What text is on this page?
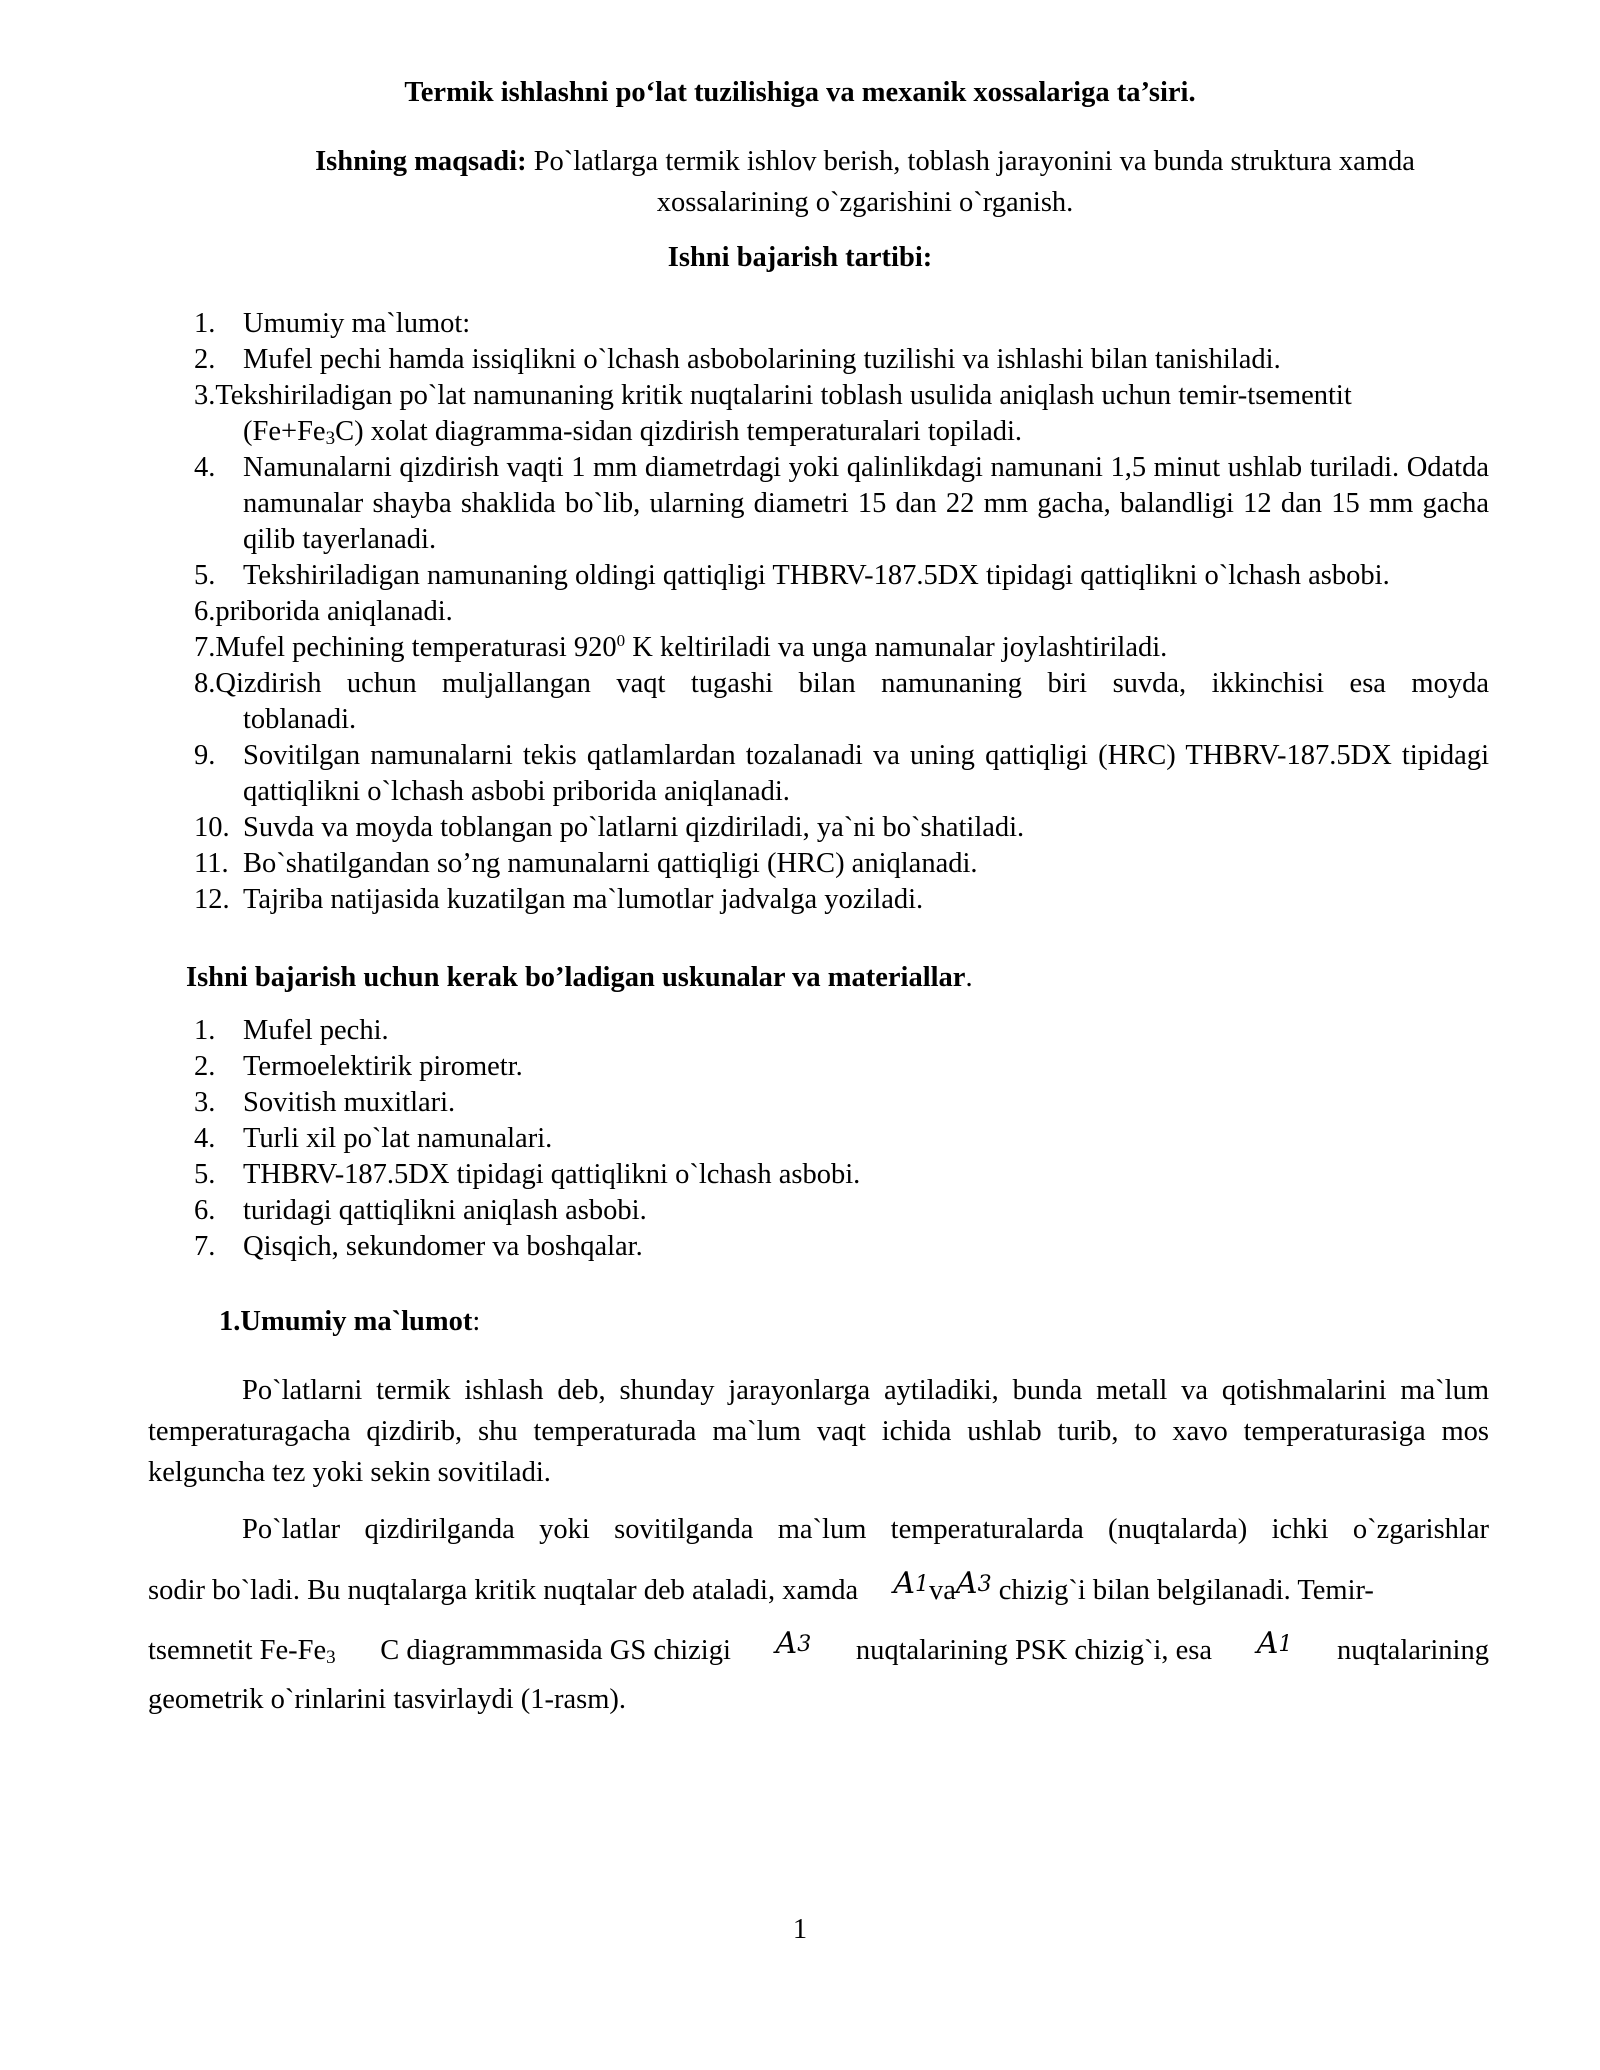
Termik ishlashni po‘lat tuzilishiga va mexanik xossalariga ta’siri.
Ishning maqsadi: Po`latlarga termik ishlov berish, toblash jarayonini va bunda struktura xamda xossalarining o`zgarishini o`rganish.
Ishni bajarish tartibi:
1. Umumiy ma`lumot:
2. Mufel pechi hamda issiqlikni o`lchash asbobolarining tuzilishi va ishlashi bilan tanishiladi.
3.Tekshiriladigan po`lat namunaning kritik nuqtalarini toblash usulida aniqlash uchun temir-tsementit
$(Fe+Fe_3C)$ xolat diagramma-sidan qizdirish temperaturalari topiladi.
4. Namunalarni qizdirish vaqti 1 mm diametrdagi yoki qalinlikdagi namunani 1,5 minut ushlab turiladi. Odatda namunalar shayba shaklida bo`lib, ularning diametri 15 dan 22 mm gacha, balandligi 12 dan 15 mm gacha qilib tayerlanadi.
5. Tekshiriladigan namunaning oldingi qattiqligi THBRV-187.5DX tipidagi qattiqlikni o`lchash asbobi.
6.priborida aniqlanadi.
7.Mufel pechining temperaturasi $920^0$ K keltiriladi va unga namunalar joylashtiriladi.
8.Qizdirish uchun muljallangan vaqt tugashi bilan namunaning biri suvda, ikkinchisi esa moyda
toblanadi.
9. Sovitilgan namunalarni tekis qatlamlardan tozalanadi va uning qattiqligi (HRC) THBRV-187.5DX tipidagi qattiqlikni o`lchash asbobi priborida aniqlanadi.
10. Suvda va moyda toblangan po`latlarni qizdiriladi, ya`ni bo`shatiladi.
11. Bo`shatilgandan so’ng namunalarni qattiqligi (HRC) aniqlanadi.
12. Tajriba natijasida kuzatilgan ma`lumotlar jadvalga yoziladi.
Ishni bajarish uchun kerak bo’ladigan uskunalar va materiallar.
1. Mufel pechi.
2. Termoelektirik pirometr.
3. Sovitish muxitlari.
4. Turli xil po`lat namunalari.
5. THBRV-187.5DX tipidagi qattiqlikni o`lchash asbobi.
6. turidagi qattiqlikni aniqlash asbobi.
7. Qisqich, sekundomer va boshqalar.
1.Umumiy ma`lumot:
Po`latlarni termik ishlash deb, shunday jarayonlarga aytiladiki, bunda metall va qotishmalarini ma`lum temperaturagacha qizdirib, shu temperaturada ma`lum vaqt ichida ushlab turib, to xavo temperaturasiga mos kelguncha tez yoki sekin sovitiladi.
Po`latlar qizdirilganda yoki sovitilganda ma`lum temperaturalarda (nuqtalarda) ichki o`zgarishlar
sodir bo`ladi. Bu nuqtalarga kritik nuqtalar deb ataladi, xamda A1vaA3 chizig`i bilan belgilanadi. Temir-
tsemnetit $Fe-Fe_3$ C diagrammmasida GS chizigi A3 nuqtalarining PSK chizig`i, esa A1 nuqtalarining
geometrik o`rinlarini tasvirlaydi (1-rasm).
1
